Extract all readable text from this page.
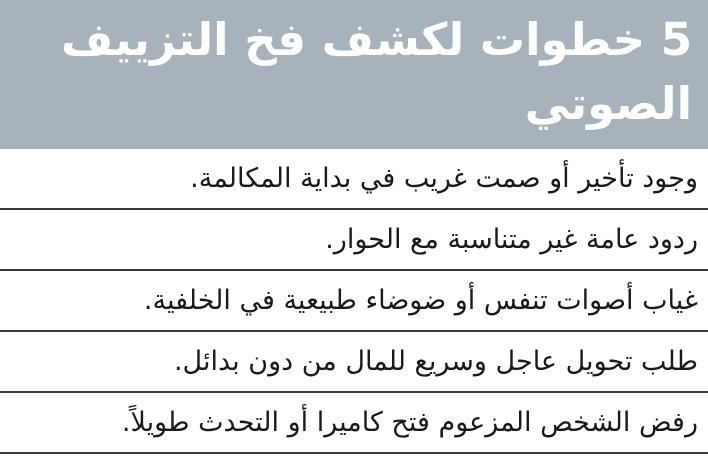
5 خطوات لكشف فخ التزييف
الصوتي
وجود تأخير أو صمت غريب في بداية المكالمة.
ردود عامة غير متناسبة مع الحوار.
غياب أصوات تنفس أو ضوضاء طبيعية في الخلفية.
طلب تحويل عاجل وسريع للمال من دون بدائل.
رفض الشخص المزعوم فتح كاميرا أو التحدث طويلاً.
